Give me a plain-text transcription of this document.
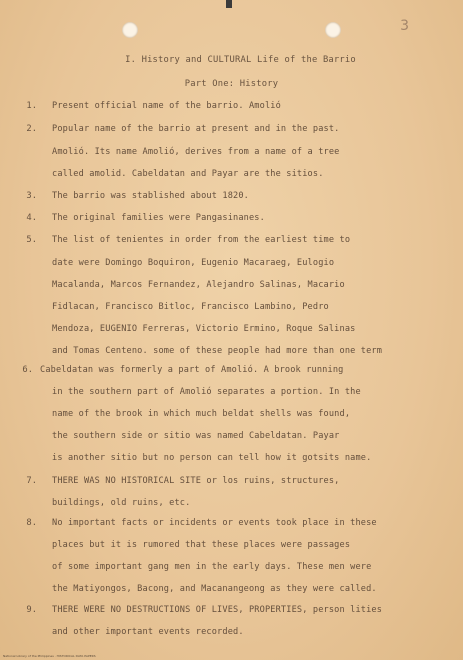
3
I. History and CULTURAL Life of the Barrio
Part One: History
1. Present official name of the barrio. Amolió
2. Popular name of the barrio at present and in the past.
Amolió. Its name Amolió, derives from a name of a tree
called amolid. Cabeldatan and Payar are the sitios.
3. The barrio was stablished about 1820.
4. The original families were Pangasinanes.
5. The list of tenientes in order from the earliest time to
date were Domingo Boquiron, Eugenio Macaraeg, Eulogio
Macalanda, Marcos Fernandez, Alejandro Salinas, Macario
Fidlacan, Francisco Bitloc, Francisco Lambino, Pedro
Mendoza, EUGENIO Ferreras, Victorio Ermino, Roque Salinas
and Tomas Centeno. some of these people had more than one term
6. Cabeldatan was formerly a part of Amolió. A brook running
in the southern part of Amolió separates a portion. In the
name of the brook in which much beldat shells was found,
the southern side or sitio was named Cabeldatan. Payar
is another sitio but no person can tell how it gotsits name.
7. THERE WAS NO HISTORICAL SITE or los ruins, structures,
buildings, old ruins, etc.
8. No important facts or incidents or events took place in these
places but it is rumored that these places were passages
of some important gang men in the early days. These men were
the Matiyongos, Bacong, and Macanangeong as they were called.
9. THERE WERE NO DESTRUCTIONS OF LIVES, PROPERTIES, person lities
and other important events recorded.
National Library of the Philippines · HISTORICAL DATA PAPERS
